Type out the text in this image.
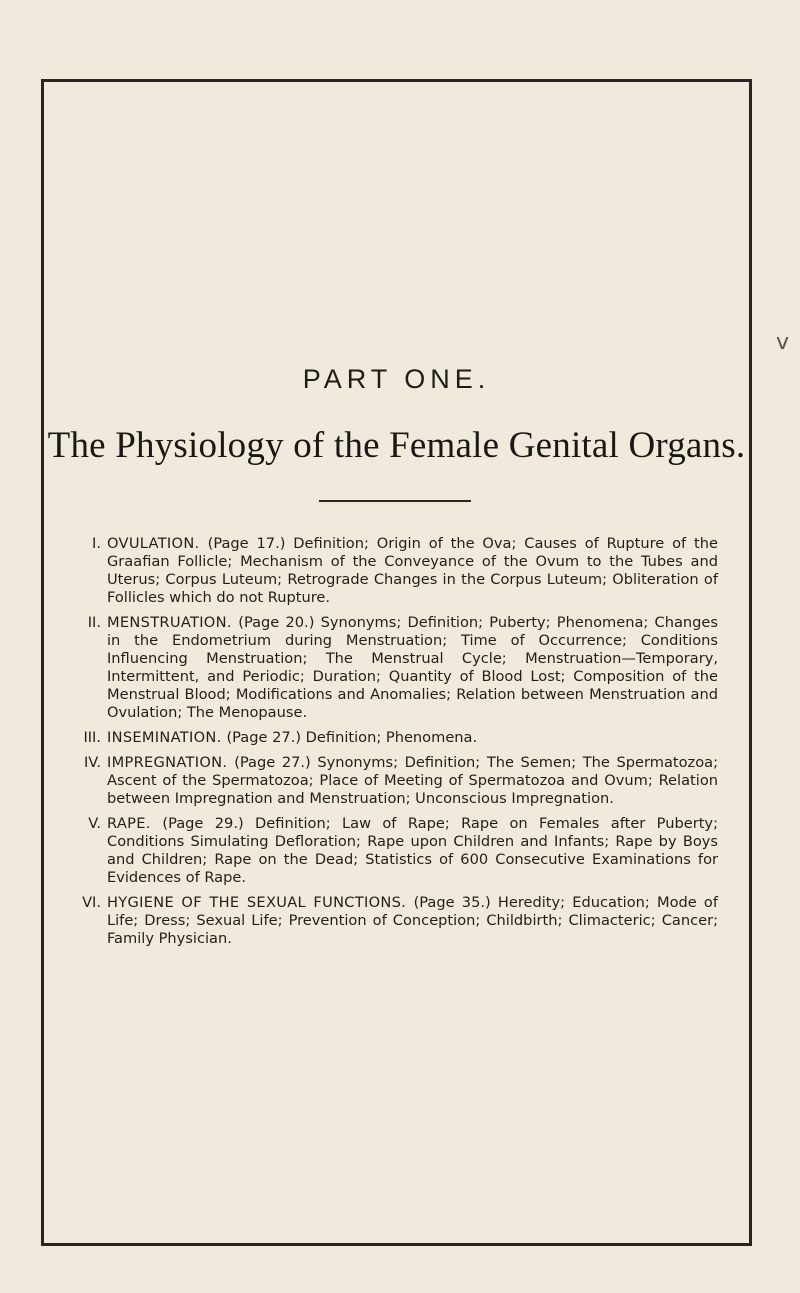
v
PART ONE.
The Physiology of the Female Genital Organs.
I. OVULATION. (Page 17.) Definition; Origin of the Ova; Causes of Rupture of the Graafian Follicle; Mechanism of the Conveyance of the Ovum to the Tubes and Uterus; Corpus Luteum; Retrograde Changes in the Corpus Luteum; Obliteration of Follicles which do not Rupture.
II. MENSTRUATION. (Page 20.) Synonyms; Definition; Puberty; Phenomena; Changes in the Endometrium during Menstruation; Time of Occurrence; Conditions Influencing Menstruation; The Menstrual Cycle; Menstruation—Temporary, Intermittent, and Periodic; Duration; Quantity of Blood Lost; Composition of the Menstrual Blood; Modifications and Anomalies; Relation between Menstruation and Ovulation; The Menopause.
III. INSEMINATION. (Page 27.) Definition; Phenomena.
IV. IMPREGNATION. (Page 27.) Synonyms; Definition; The Semen; The Spermatozoa; Ascent of the Spermatozoa; Place of Meeting of Spermatozoa and Ovum; Relation between Impregnation and Menstruation; Unconscious Impregnation.
V. RAPE. (Page 29.) Definition; Law of Rape; Rape on Females after Puberty; Conditions Simulating Defloration; Rape upon Children and Infants; Rape by Boys and Children; Rape on the Dead; Statistics of 600 Consecutive Examinations for Evidences of Rape.
VI. HYGIENE OF THE SEXUAL FUNCTIONS. (Page 35.) Heredity; Education; Mode of Life; Dress; Sexual Life; Prevention of Conception; Childbirth; Climacteric; Cancer; Family Physician.
